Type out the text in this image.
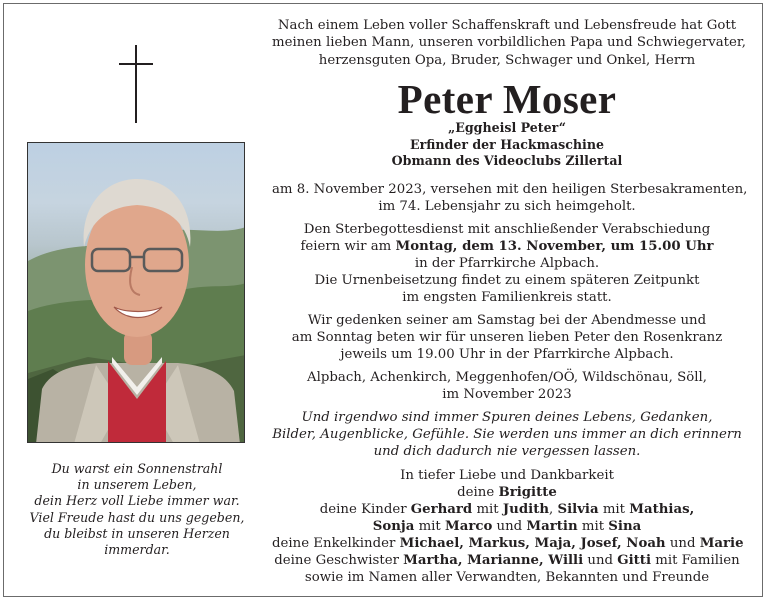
Du warst ein Sonnenstrahl
in unserem Leben,
dein Herz voll Liebe immer war.
Viel Freude hast du uns gegeben,
du bleibst in unseren Herzen
immerdar.
Nach einem Leben voller Schaffenskraft und Lebensfreude hat Gott
meinen lieben Mann, unseren vorbildlichen Papa und Schwiegervater,
herzensguten Opa, Bruder, Schwager und Onkel, Herrn
Peter Moser
„Eggheisl Peter“
Erfinder der Hackmaschine
Obmann des Videoclubs Zillertal
am 8. November 2023, versehen mit den heiligen Sterbesakramenten,
im 74. Lebensjahr zu sich heimgeholt.
Den Sterbegottesdienst mit anschließender Verabschiedung
feiern wir am Montag, dem 13. November, um 15.00 Uhr
in der Pfarrkirche Alpbach.
Die Urnenbeisetzung findet zu einem späteren Zeitpunkt
im engsten Familienkreis statt.
Wir gedenken seiner am Samstag bei der Abendmesse und
am Sonntag beten wir für unseren lieben Peter den Rosenkranz
jeweils um 19.00 Uhr in der Pfarrkirche Alpbach.
Alpbach, Achenkirch, Meggenhofen/OÖ, Wildschönau, Söll,
im November 2023
Und irgendwo sind immer Spuren deines Lebens, Gedanken,
Bilder, Augenblicke, Gefühle. Sie werden uns immer an dich erinnern
und dich dadurch nie vergessen lassen.
In tiefer Liebe und Dankbarkeit
deine Brigitte
deine Kinder Gerhard mit Judith, Silvia mit Mathias,
Sonja mit Marco und Martin mit Sina
deine Enkelkinder Michael, Markus, Maja, Josef, Noah und Marie
deine Geschwister Martha, Marianne, Willi und Gitti mit Familien
sowie im Namen aller Verwandten, Bekannten und Freunde
